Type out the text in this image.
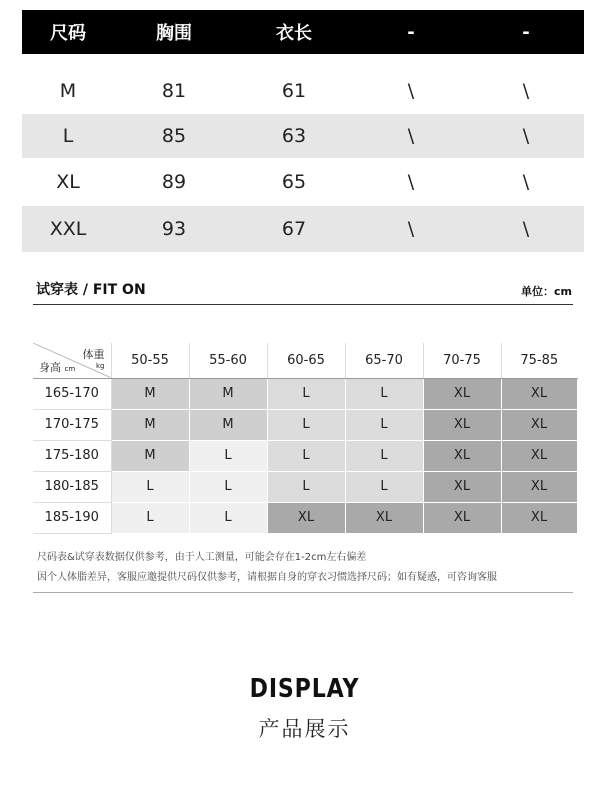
尺码	胸围	衣长	-	-
M	81	61	\	\
L	85	63	\	\
XL	89	65	\	\
XXL	93	67	\	\
试穿表 / FIT ON	单位：cm
体重
kg
身高 cm	50-55	55-60	60-65	65-70	70-75	75-85
165-170	M	M	L	L	XL	XL
170-175	M	M	L	L	XL	XL
175-180	M	L	L	L	XL	XL
180-185	L	L	L	L	XL	XL
185-190	L	L	XL	XL	XL	XL
尺码表&试穿表数据仅供参考，由于人工测量，可能会存在1-2cm左右偏差
因个人体脂差异，客服应邀提供尺码仅供参考，请根据自身的穿衣习惯选择尺码；如有疑惑，可咨询客服
DISPLAY
产品展示
